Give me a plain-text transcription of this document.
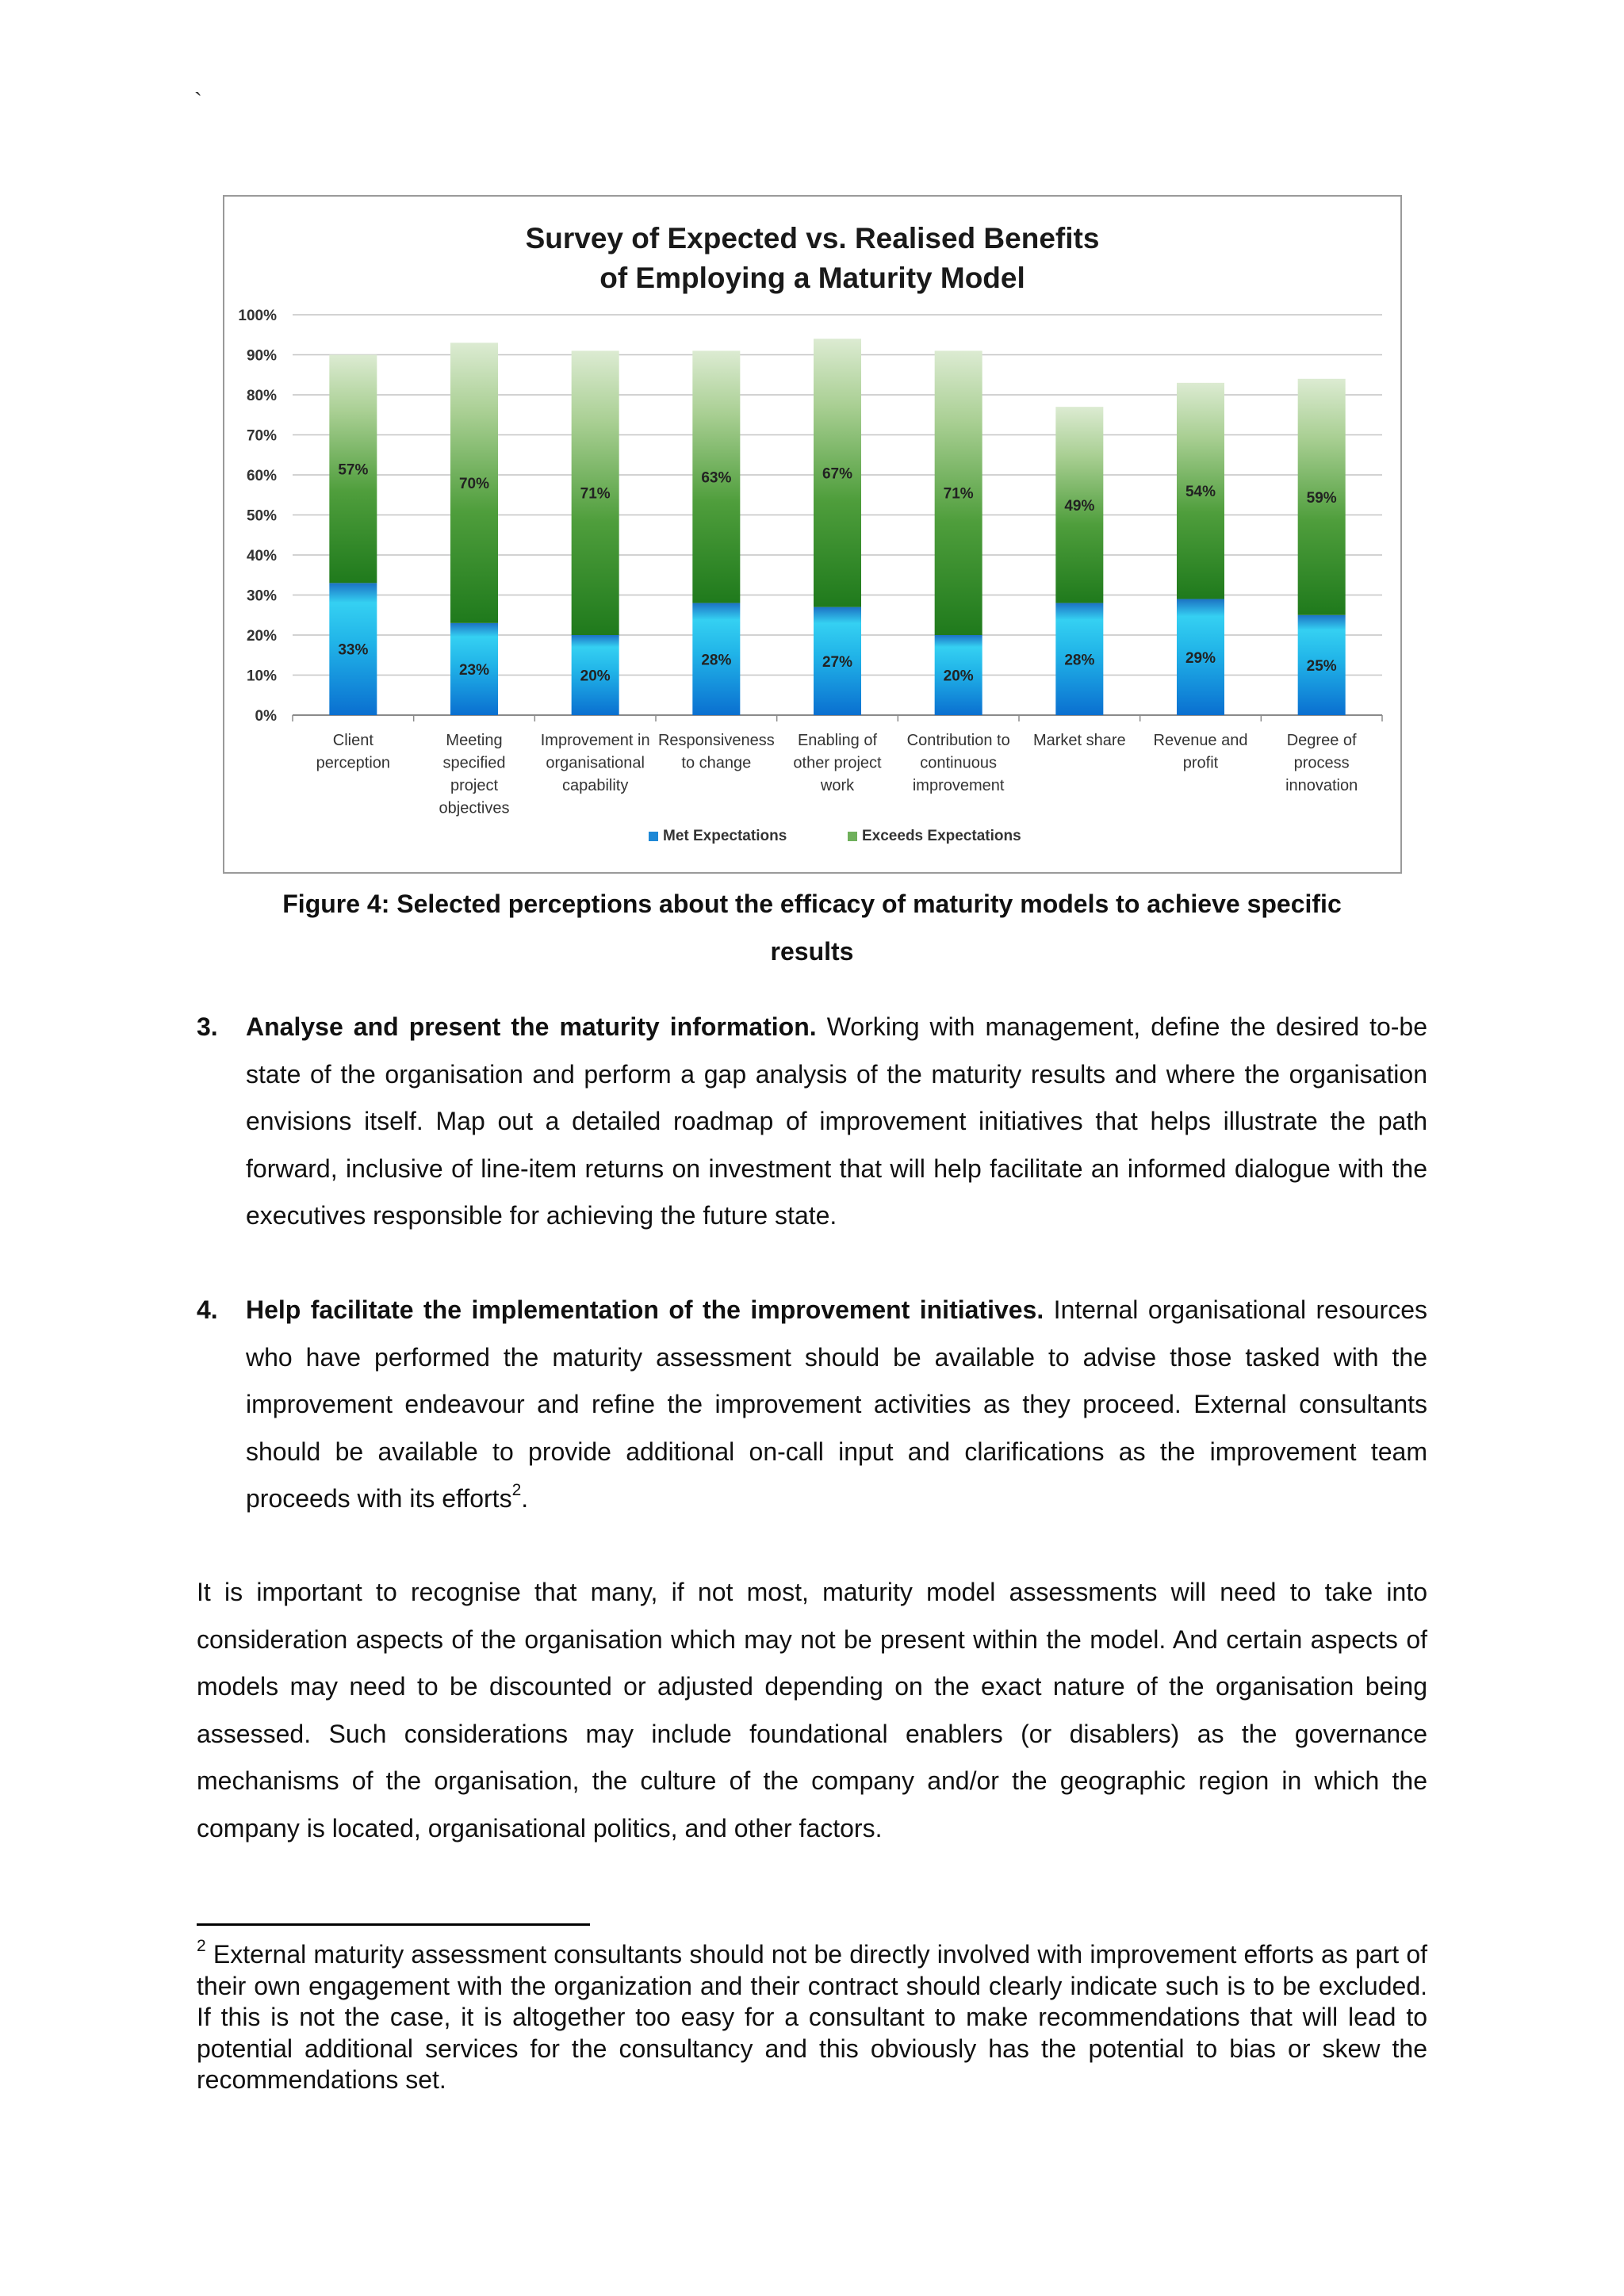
`
Survey of Expected vs. Realised Benefits
of Employing a Maturity Model
33%
57%
23%
70%
20%
71%
28%
63%
27%
67%
20%
71%
28%
49%
29%
54%
25%
59%
0%
10%
20%
30%
40%
50%
60%
70%
80%
90%
100%
Client
perception
Meeting
specified
project
objectives
Improvement in
organisational
capability
Responsiveness
to change
Enabling of
other project
work
Contribution to
continuous
improvement
Market share Revenue and
profit
Degree of
process
innovation
Met Expectations	Exceeds Expectations
Figure 4: Selected perceptions about the efficacy of maturity models to achieve specific
results
3. Analyse and present the maturity information. Working with management, define the desired to-be state of the organisation and perform a gap analysis of the maturity results and where the organisation envisions itself. Map out a detailed roadmap of improvement initiatives that helps illustrate the path forward, inclusive of line-item returns on investment that will help facilitate an informed dialogue with the executives responsible for achieving the future state.
4. Help facilitate the implementation of the improvement initiatives. Internal organisational resources who have performed the maturity assessment should be available to advise those tasked with the improvement endeavour and refine the improvement activities as they proceed. External consultants should be available to provide additional on-call input and clarifications as the improvement team proceeds with its efforts$^2$.
It is important to recognise that many, if not most, maturity model assessments will need to take into consideration aspects of the organisation which may not be present within the model. And certain aspects of models may need to be discounted or adjusted depending on the exact nature of the organisation being assessed. Such considerations may include foundational enablers (or disablers) as the governance mechanisms of the organisation, the culture of the company and/or the geographic region in which the company is located, organisational politics, and other factors.
$^2$ External maturity assessment consultants should not be directly involved with improvement efforts as part of their own engagement with the organization and their contract should clearly indicate such is to be excluded. If this is not the case, it is altogether too easy for a consultant to make recommendations that will lead to potential additional services for the consultancy and this obviously has the potential to bias or skew the recommendations set.
